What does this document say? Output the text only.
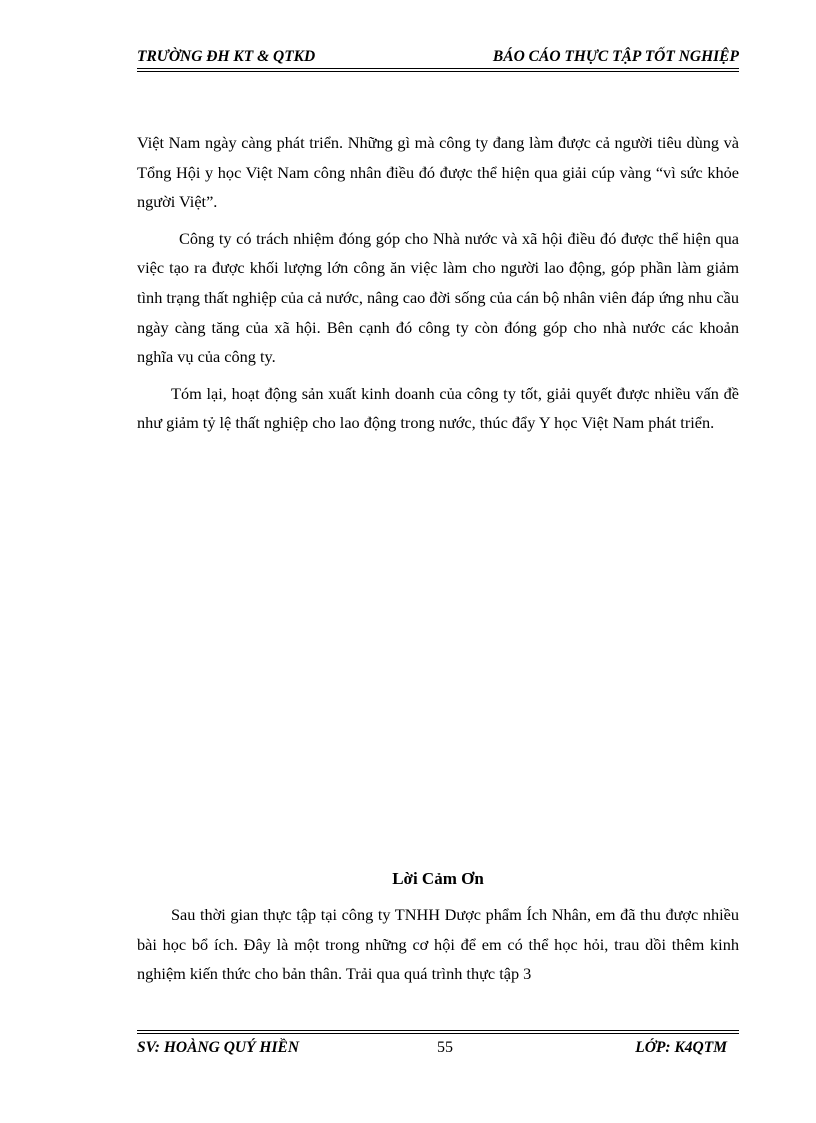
TRƯỜNG ĐH KT & QTKD	BÁO CÁO THỰC TẬP TỐT NGHIỆP

Việt Nam ngày càng phát triển. Những gì mà công ty đang làm được cả người tiêu dùng và Tổng Hội y học Việt Nam công nhân điều đó được thể hiện qua giải cúp vàng “vì sức khỏe người Việt”.

Công ty có trách nhiệm đóng góp cho Nhà nước và xã hội điều đó được thể hiện qua việc tạo ra được khối lượng lớn công ăn việc làm cho người lao động, góp phần làm giảm tình trạng thất nghiệp của cả nước, nâng cao đời sống của cán bộ nhân viên đáp ứng nhu cầu ngày càng tăng của xã hội. Bên cạnh đó công ty còn đóng góp cho nhà nước các khoản nghĩa vụ của công ty.

Tóm lại, hoạt động sản xuất kinh doanh của công ty tốt, giải quyết được nhiều vấn đề như giảm tỷ lệ thất nghiệp cho lao động trong nước, thúc đẩy Y học Việt Nam phát triển.

Lời Cảm Ơn

Sau thời gian thực tập tại công ty TNHH Dược phẩm Ích Nhân, em đã thu được nhiều bài học bổ ích. Đây là một trong những cơ hội để em có thể học hỏi, trau dồi thêm kinh nghiệm kiến thức cho bản thân. Trải qua quá trình thực tập 3

SV: HOÀNG QUÝ HIỀN	55	LỚP: K4QTM
